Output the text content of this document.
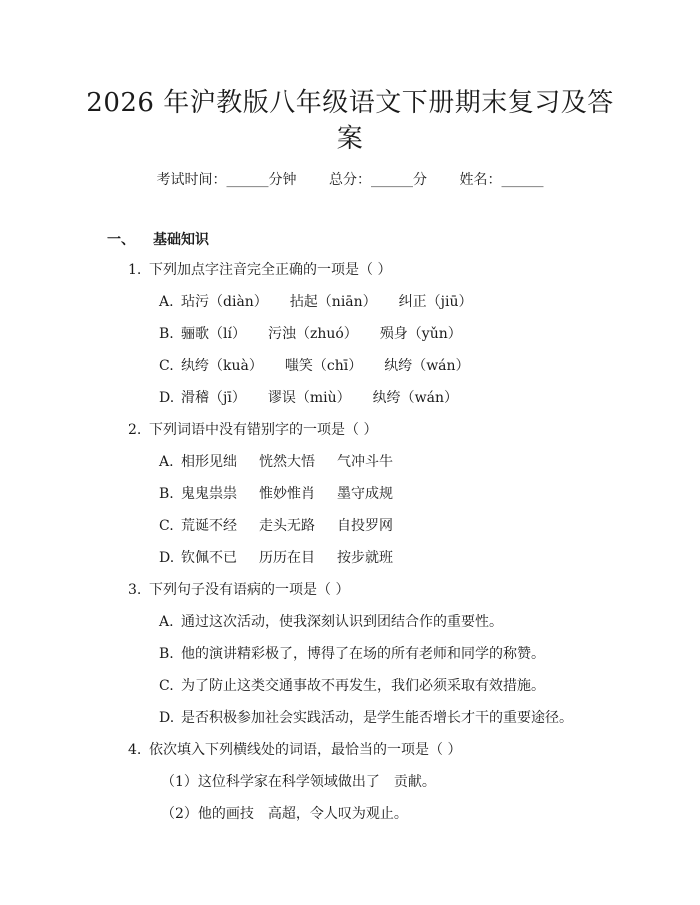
2026 年沪教版八年级语文下册期末复习及答
案
考试时间：______分钟 总分：______分 姓名：______
一、 基础知识
1. 下列加点字注音完全正确的一项是（ ）
A. 玷污（diàn） 拈起（niān） 纠正（jiū）
B. 骊歌（lí） 污浊（zhuó） 殒身（yǔn）
C. 纨绔（kuà） 嗤笑（chī） 纨绔（wán）
D. 滑稽（jī） 谬误（miù） 纨绔（wán）
2. 下列词语中没有错别字的一项是（ ）
A. 相形见绌 恍然大悟 气冲斗牛
B. 鬼鬼祟祟 惟妙惟肖 墨守成规
C. 荒诞不经 走头无路 自投罗网
D. 钦佩不已 历历在目 按步就班
3. 下列句子没有语病的一项是（ ）
A. 通过这次活动，使我深刻认识到团结合作的重要性。
B. 他的演讲精彩极了，博得了在场的所有老师和同学的称赞。
C. 为了防止这类交通事故不再发生，我们必须采取有效措施。
D. 是否积极参加社会实践活动，是学生能否增长才干的重要途径。
4. 依次填入下列横线处的词语，最恰当的一项是（ ）
（1）这位科学家在科学领域做出了　贡献。
（2）他的画技　高超，令人叹为观止。
